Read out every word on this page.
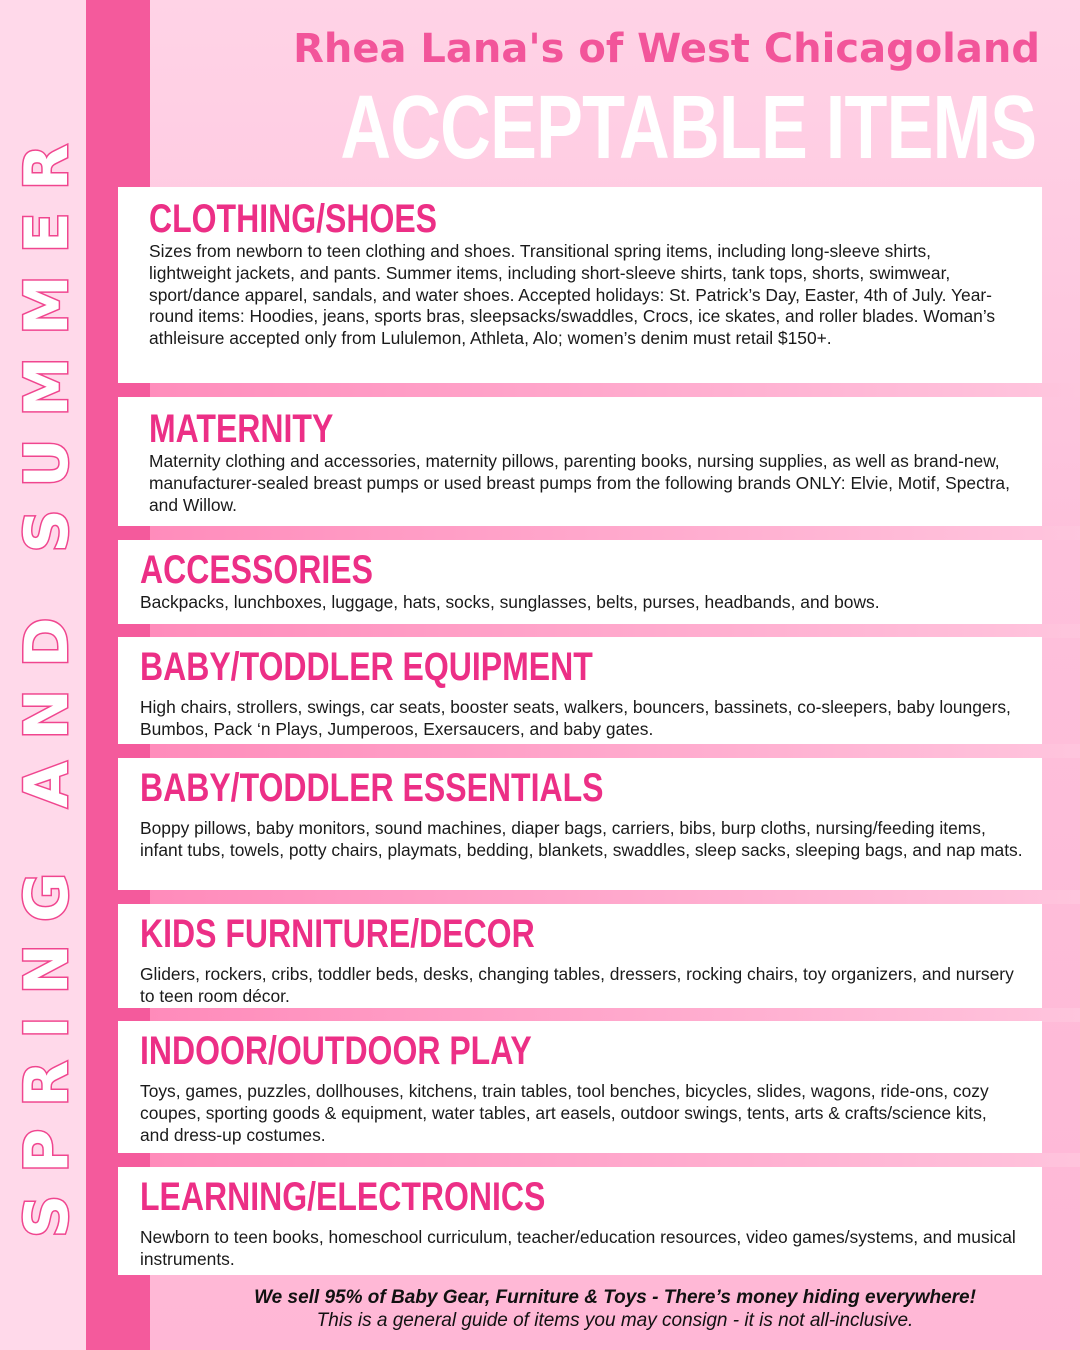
SPRING AND SUMMER
Rhea Lana's of West Chicagoland
ACCEPTABLE ITEMS
CLOTHING/SHOES

Sizes from newborn to teen clothing and shoes. Transitional spring items, including long-sleeve shirts, lightweight jackets, and pants. Summer items, including short-sleeve shirts, tank tops, shorts, swimwear, sport/dance apparel, sandals, and water shoes. Accepted holidays: St. Patrick’s Day, Easter, 4th of July. Year-round items: Hoodies, jeans, sports bras, sleepsacks/swaddles, Crocs, ice skates, and roller blades. Woman’s athleisure accepted only from Lululemon, Athleta, Alo; women’s denim must retail $150+.

MATERNITY

Maternity clothing and accessories, maternity pillows, parenting books, nursing supplies, as well as brand-new, manufacturer-sealed breast pumps or used breast pumps from the following brands ONLY: Elvie, Motif, Spectra, and Willow.

ACCESSORIES

Backpacks, lunchboxes, luggage, hats, socks, sunglasses, belts, purses, headbands, and bows.

BABY/TODDLER EQUIPMENT

High chairs, strollers, swings, car seats, booster seats, walkers, bouncers, bassinets, co-sleepers, baby loungers, Bumbos, Pack ‘n Plays, Jumperoos, Exersaucers, and baby gates.

BABY/TODDLER ESSENTIALS

Boppy pillows, baby monitors, sound machines, diaper bags, carriers, bibs, burp cloths, nursing/feeding items, infant tubs, towels, potty chairs, playmats, bedding, blankets, swaddles, sleep sacks, sleeping bags, and nap mats.

KIDS FURNITURE/DECOR

Gliders, rockers, cribs, toddler beds, desks, changing tables, dressers, rocking chairs, toy organizers, and nursery to teen room décor.

INDOOR/OUTDOOR PLAY

Toys, games, puzzles, dollhouses, kitchens, train tables, tool benches, bicycles, slides, wagons, ride-ons, cozy coupes, sporting goods & equipment, water tables, art easels, outdoor swings, tents, arts & crafts/science kits, and dress-up costumes.

LEARNING/ELECTRONICS

Newborn to teen books, homeschool curriculum, teacher/education resources, video games/systems, and musical instruments.

We sell 95% of Baby Gear, Furniture & Toys - There’s money hiding everywhere!
This is a general guide of items you may consign - it is not all-inclusive.
